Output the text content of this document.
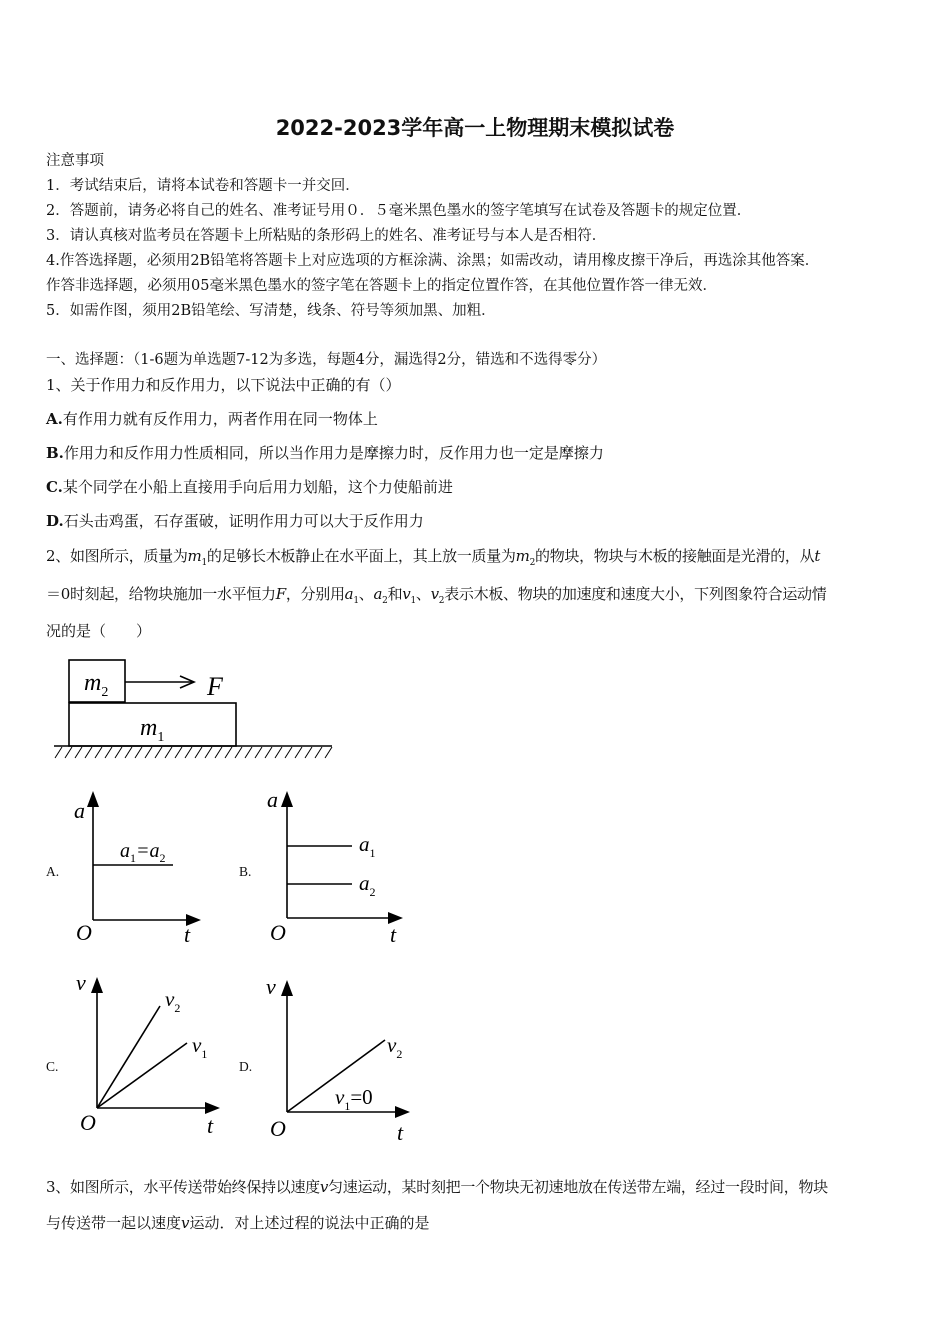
2022-2023学年高一上物理期末模拟试卷
注意事项
1．考试结束后，请将本试卷和答题卡一并交回．
2．答题前，请务必将自己的姓名、准考证号用０．５毫米黑色墨水的签字笔填写在试卷及答题卡的规定位置．
3．请认真核对监考员在答题卡上所粘贴的条形码上的姓名、准考证号与本人是否相符．
4.作答选择题，必须用2B铅笔将答题卡上对应选项的方框涂满、涂黑；如需改动，请用橡皮擦干净后，再选涂其他答案．
作答非选择题，必须用05毫米黑色墨水的签字笔在答题卡上的指定位置作答，在其他位置作答一律无效．
5．如需作图，须用2B铅笔绘、写清楚，线条、符号等须加黑、加粗．
一、选择题：（1-6题为单选题7-12为多选，每题4分，漏选得2分，错选和不选得零分）
1、关于作用力和反作用力，以下说法中正确的有（）
A.有作用力就有反作用力，两者作用在同一物体上
B.作用力和反作用力性质相同，所以当作用力是摩擦力时，反作用力也一定是摩擦力
C.某个同学在小船上直接用手向后用力划船，这个力使船前进
D.石头击鸡蛋，石存蛋破，证明作用力可以大于反作用力
2、如图所示，质量为$m_1$的足够长木板静止在水平面上，其上放一质量为$m_2$的物块，物块与木板的接触面是光滑的，从t
＝0时刻起，给物块施加一水平恒力F，分别用$a_1$、$a_2$和$v_1$、$v_2$表示木板、物块的加速度和速度大小，下列图象符合运动情
况的是（　　）
$m_2$	F
$m_1$
A.
a
t
O
$a_1=a_2$
B.
a
t
O
$a_1$
$a_2$
C.
v
t
O
$v_2$
$v_1$
D.
v
t
O
$v_2$
$v_1=0$
3、如图所示，水平传送带始终保持以速度v匀速运动，某时刻把一个物块无初速地放在传送带左端，经过一段时间，物块
与传送带一起以速度v运动．对上述过程的说法中正确的是
